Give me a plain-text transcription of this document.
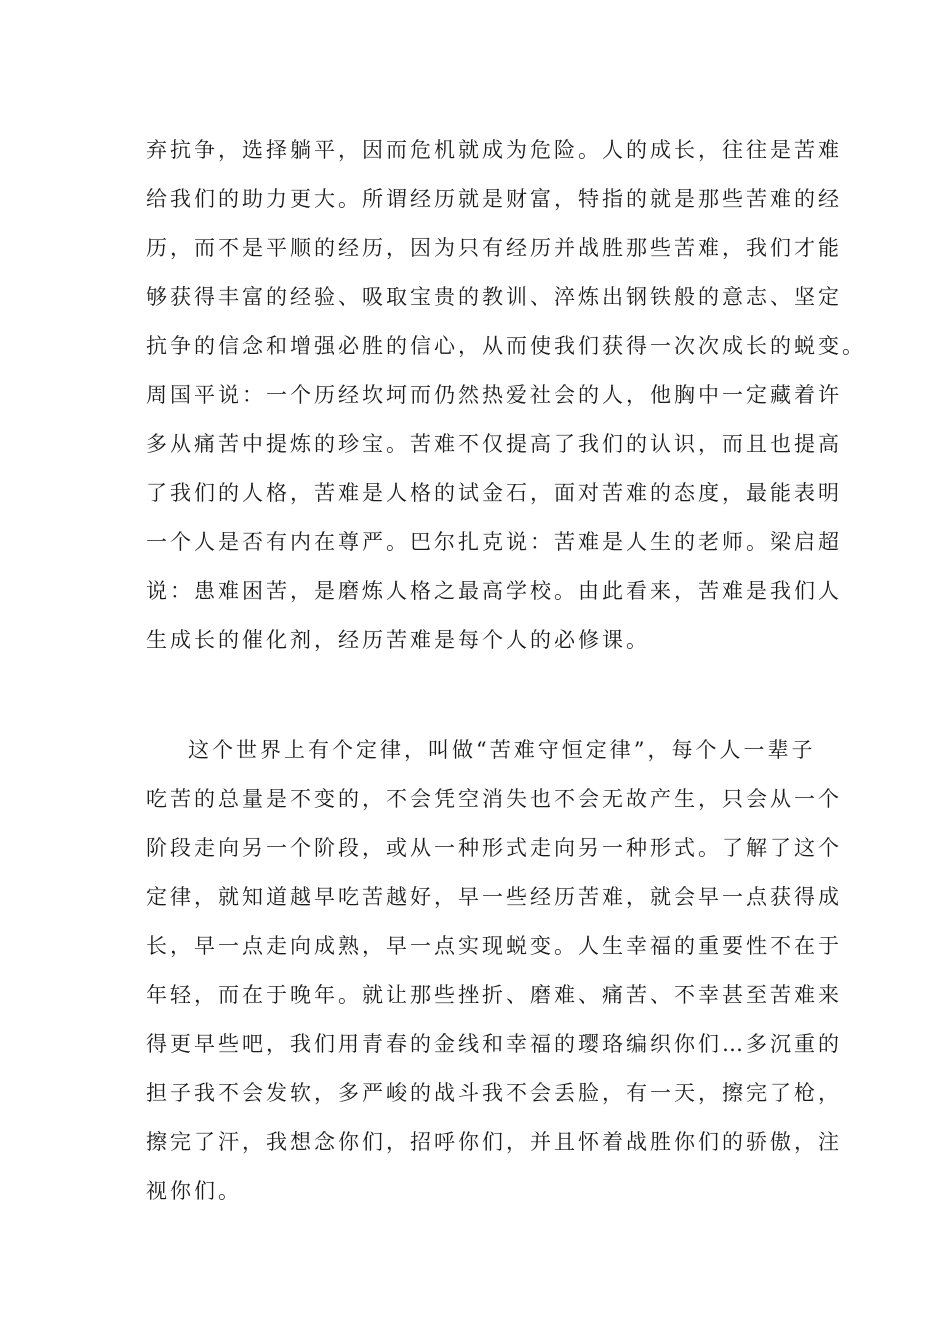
弃抗争，选择躺平，因而危机就成为危险。人的成长，往往是苦难
给我们的助力更大。所谓经历就是财富，特指的就是那些苦难的经
历，而不是平顺的经历，因为只有经历并战胜那些苦难，我们才能
够获得丰富的经验、吸取宝贵的教训、淬炼出钢铁般的意志、坚定
抗争的信念和增强必胜的信心，从而使我们获得一次次成长的蜕变。
周国平说：一个历经坎坷而仍然热爱社会的人，他胸中一定藏着许
多从痛苦中提炼的珍宝。苦难不仅提高了我们的认识，而且也提高
了我们的人格，苦难是人格的试金石，面对苦难的态度，最能表明
一个人是否有内在尊严。巴尔扎克说：苦难是人生的老师。梁启超
说：患难困苦，是磨炼人格之最高学校。由此看来，苦难是我们人
生成长的催化剂，经历苦难是每个人的必修课。
这个世界上有个定律，叫做“苦难守恒定律”，每个人一辈子
吃苦的总量是不变的，不会凭空消失也不会无故产生，只会从一个
阶段走向另一个阶段，或从一种形式走向另一种形式。了解了这个
定律，就知道越早吃苦越好，早一些经历苦难，就会早一点获得成
长，早一点走向成熟，早一点实现蜕变。人生幸福的重要性不在于
年轻，而在于晚年。就让那些挫折、磨难、痛苦、不幸甚至苦难来
得更早些吧，我们用青春的金线和幸福的璎珞编织你们…多沉重的
担子我不会发软，多严峻的战斗我不会丢脸，有一天，擦完了枪，
擦完了汗，我想念你们，招呼你们，并且怀着战胜你们的骄傲，注
视你们。
